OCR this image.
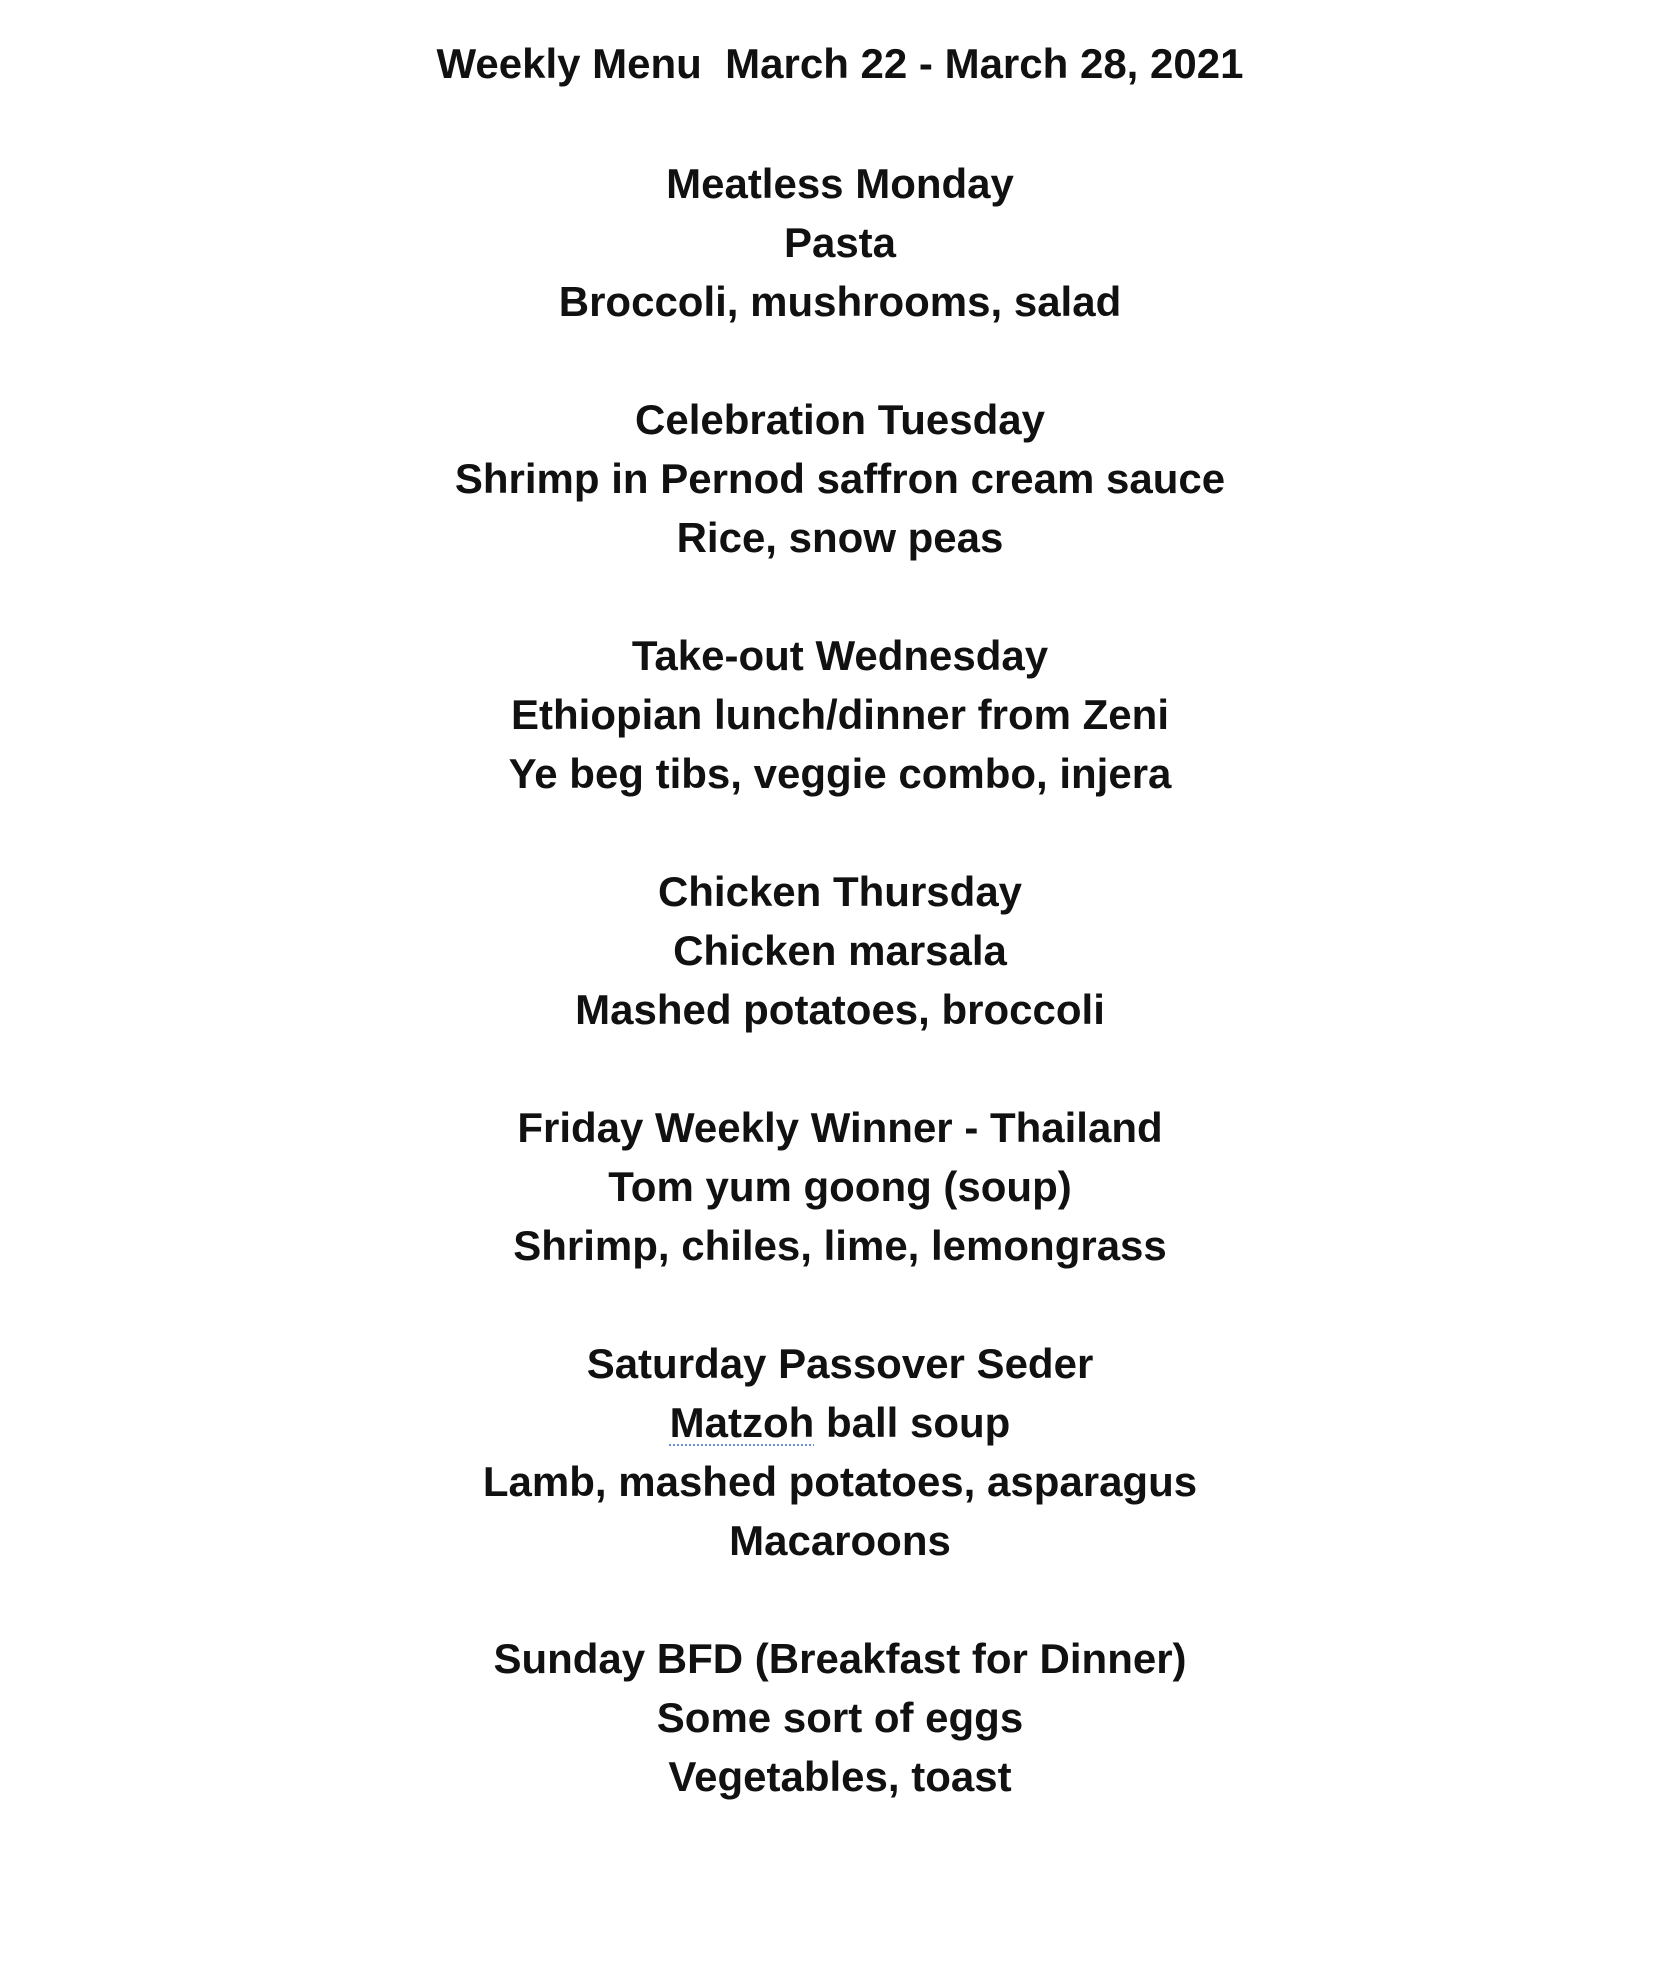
Weekly Menu  March 22 - March 28, 2021
Meatless Monday
Pasta
Broccoli, mushrooms, salad
Celebration Tuesday
Shrimp in Pernod saffron cream sauce
Rice, snow peas
Take-out Wednesday
Ethiopian lunch/dinner from Zeni
Ye beg tibs, veggie combo, injera
Chicken Thursday
Chicken marsala
Mashed potatoes, broccoli
Friday Weekly Winner - Thailand
Tom yum goong (soup)
Shrimp, chiles, lime, lemongrass
Saturday Passover Seder
Matzoh ball soup
Lamb, mashed potatoes, asparagus
Macaroons
Sunday BFD (Breakfast for Dinner)
Some sort of eggs
Vegetables, toast
